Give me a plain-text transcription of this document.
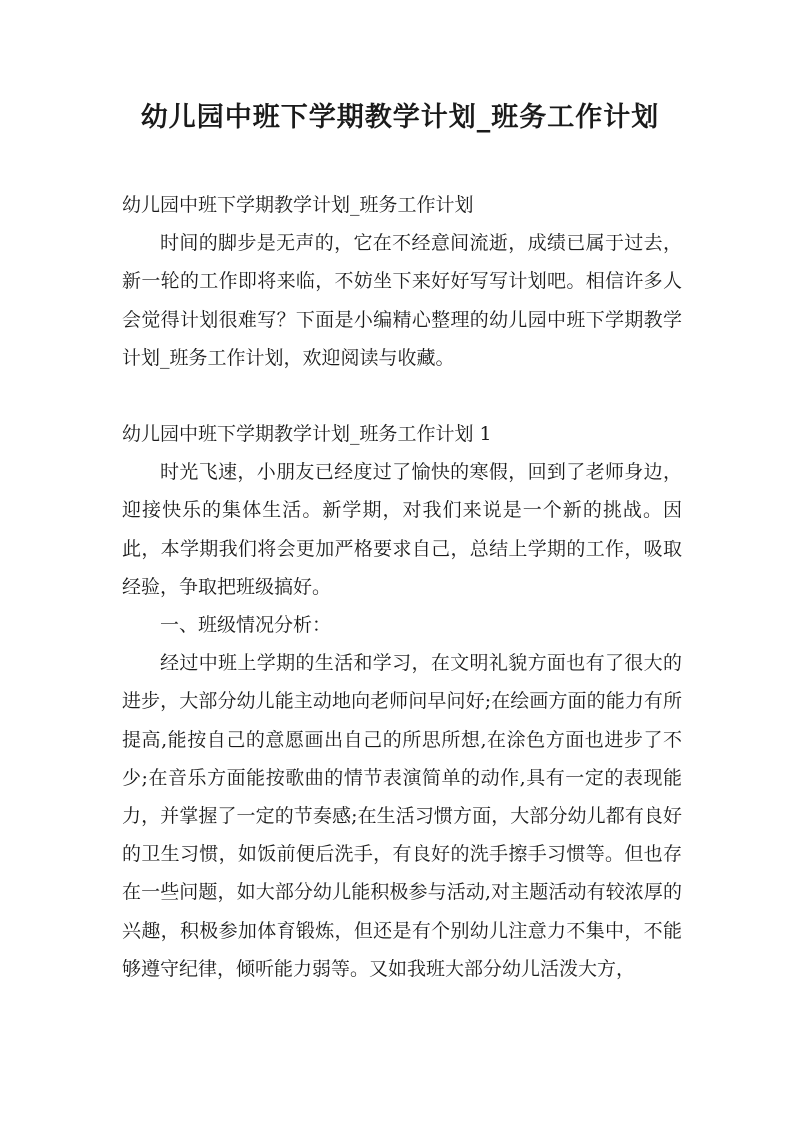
幼儿园中班下学期教学计划_班务工作计划

幼儿园中班下学期教学计划_班务工作计划

时间的脚步是无声的，它在不经意间流逝，成绩已属于过去，新一轮的工作即将来临，不妨坐下来好好写写计划吧。相信许多人会觉得计划很难写？下面是小编精心整理的幼儿园中班下学期教学计划_班务工作计划，欢迎阅读与收藏。

幼儿园中班下学期教学计划_班务工作计划 1

时光飞速，小朋友已经度过了愉快的寒假，回到了老师身边，迎接快乐的集体生活。新学期，对我们来说是一个新的挑战。因此，本学期我们将会更加严格要求自己，总结上学期的工作，吸取经验，争取把班级搞好。

一、班级情况分析：

经过中班上学期的生活和学习，在文明礼貌方面也有了很大的进步，大部分幼儿能主动地向老师问早问好;在绘画方面的能力有所提高,能按自己的意愿画出自己的所思所想,在涂色方面也进步了不少;在音乐方面能按歌曲的情节表演简单的动作,具有一定的表现能力，并掌握了一定的节奏感;在生活习惯方面，大部分幼儿都有良好的卫生习惯，如饭前便后洗手，有良好的洗手擦手习惯等。但也存在一些问题，如大部分幼儿能积极参与活动,对主题活动有较浓厚的兴趣，积极参加体育锻炼，但还是有个别幼儿注意力不集中，不能够遵守纪律，倾听能力弱等。又如我班大部分幼儿活泼大方，
